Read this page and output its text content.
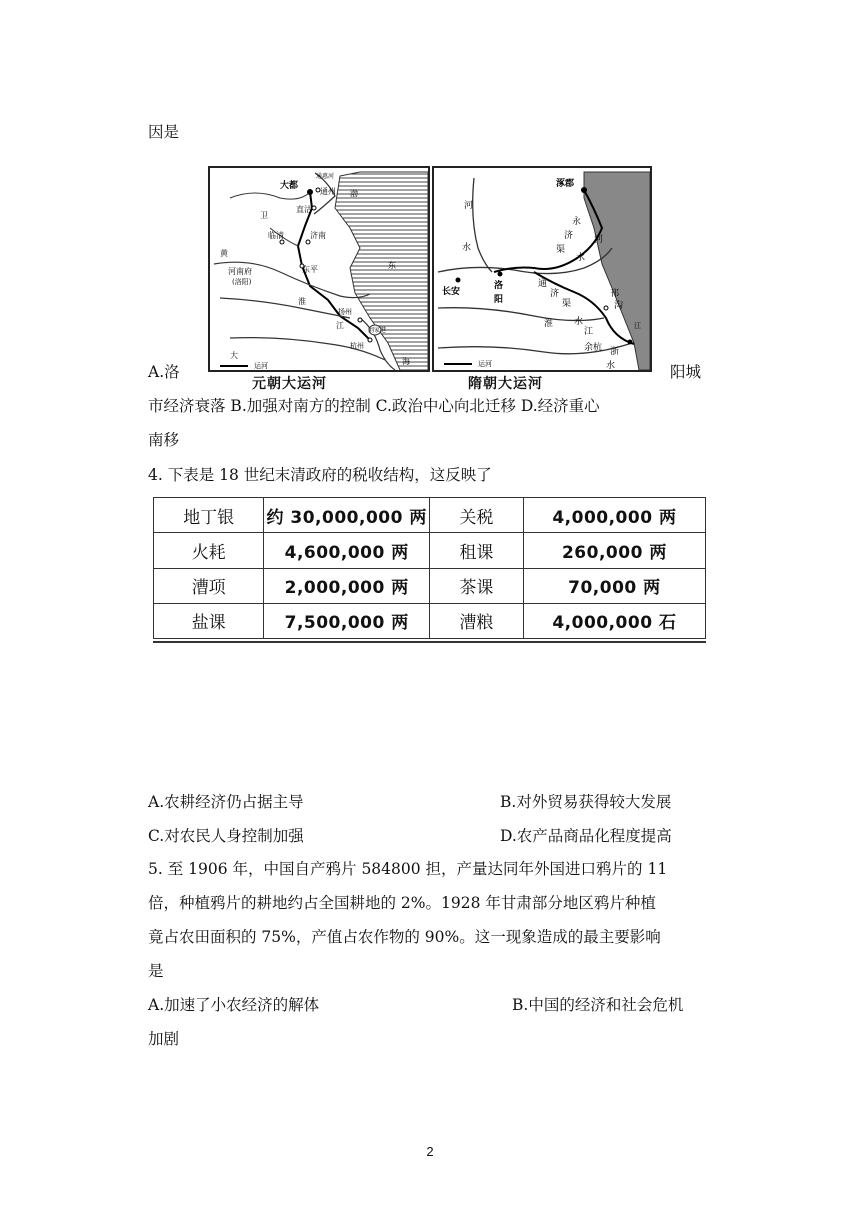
因是

大都
通州
通惠河
直沽
临清	济南
东平
黄
河南府
(洛阳)
淮
扬州
江
杭州
刘家港
东
渤
海
卫
大
运河
元朝大运河
涿郡
河
水
永
济
渠
河
水
长安
洛
阳
通
济
渠
淮 水
邗
沟
江
江
余杭 浙
水
运河
隋朝大运河

A.洛	阳城

市经济衰落 B.加强对南方的控制 C.政治中心向北迁移 D.经济重心

南移

4. 下表是 18 世纪末清政府的税收结构，这反映了

地丁银	约 30,000,000 两	关税	4,000,000 两
火耗	4,600,000 两	租课	260,000 两
漕项	2,000,000 两	茶课	70,000 两
盐课	7,500,000 两	漕粮	4,000,000 石

A.农耕经济仍占据主导	B.对外贸易获得较大发展

C.对农民人身控制加强	D.农产品商品化程度提高

5. 至 1906 年，中国自产鸦片 584800 担，产量达同年外国进口鸦片的 11

倍，种植鸦片的耕地约占全国耕地的 2%。1928 年甘肃部分地区鸦片种植

竟占农田面积的 75%，产值占农作物的 90%。这一现象造成的最主要影响

是

A.加速了小农经济的解体	B.中国的经济和社会危机

加剧

2
